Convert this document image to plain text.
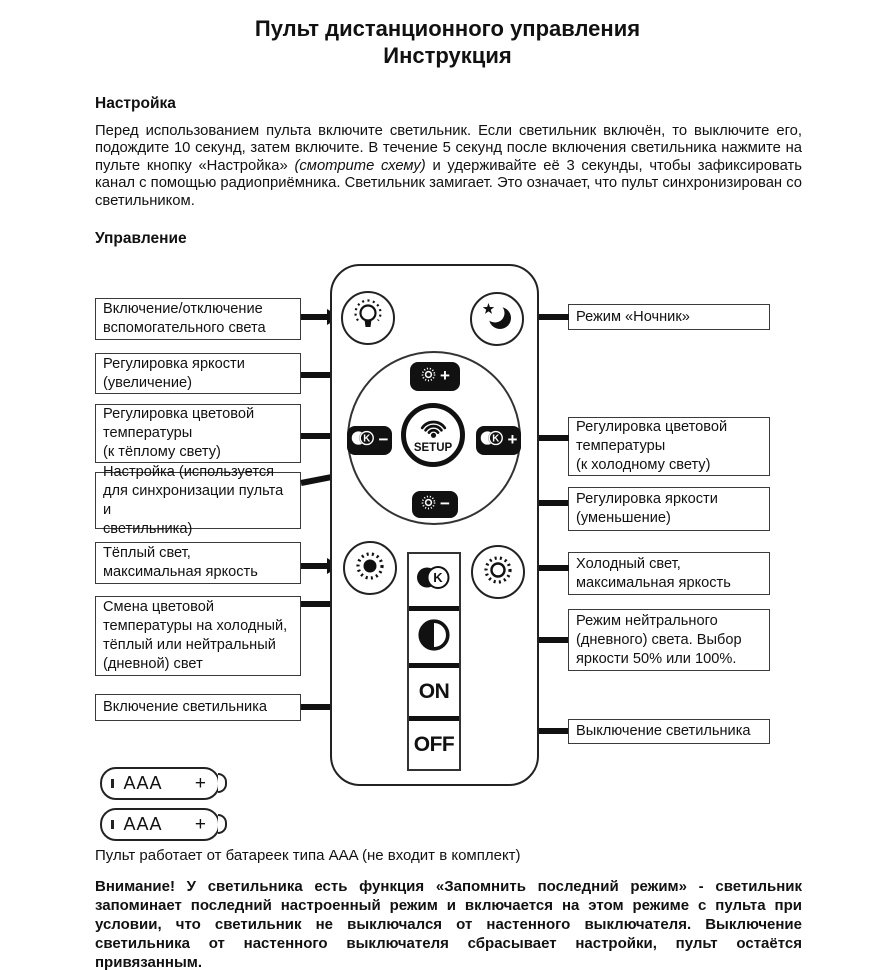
Пульт дистанционного управления
Инструкция
Настройка

Перед использованием пульта включите светильник. Если светильник включён, то выключите его, подождите 10 секунд, затем включите. В течение 5 секунд после включения светильника нажмите на пульте кнопку «Настройка» (смотрите схему) и удерживайте её 3 секунды, чтобы зафиксировать канал с помощью радиоприёмника. Светильник замигает. Это означает, что пульт синхронизирован со светильником.

Управление
Включение/отключение
вспомогательного света
Регулировка яркости
(увеличение)
Регулировка цветовой
температуры
(к тёплому свету)
Настройка (используется
для синхронизации пульта и
светильника)
Тёплый свет,
максимальная яркость
Смена цветовой
температуры на холодный,
тёплый или нейтральный
(дневной) свет
Включение светильника
Режим «Ночник»
Регулировка цветовой
температуры
(к холодному свету)
Регулировка яркости
(уменьшение)
Холодный свет,
максимальная яркость
Режим нейтрального
(дневного) света. Выбор
яркости 50% или 100%.
Выключение светильника
+
K − SETUP
K +
−
K
ON
OFF
AAA +
AAA +
Пульт работает от батареек типа AAA (не входит в комплект)

Внимание! У светильника есть функция «Запомнить последний режим» - светильник запоминает последний настроенный режим и включается на этом режиме с пульта при условии, что светильник не выключался от настенного выключателя. Выключение светильника от настенного выключателя сбрасывает настройки, пульт остаётся привязанным.
